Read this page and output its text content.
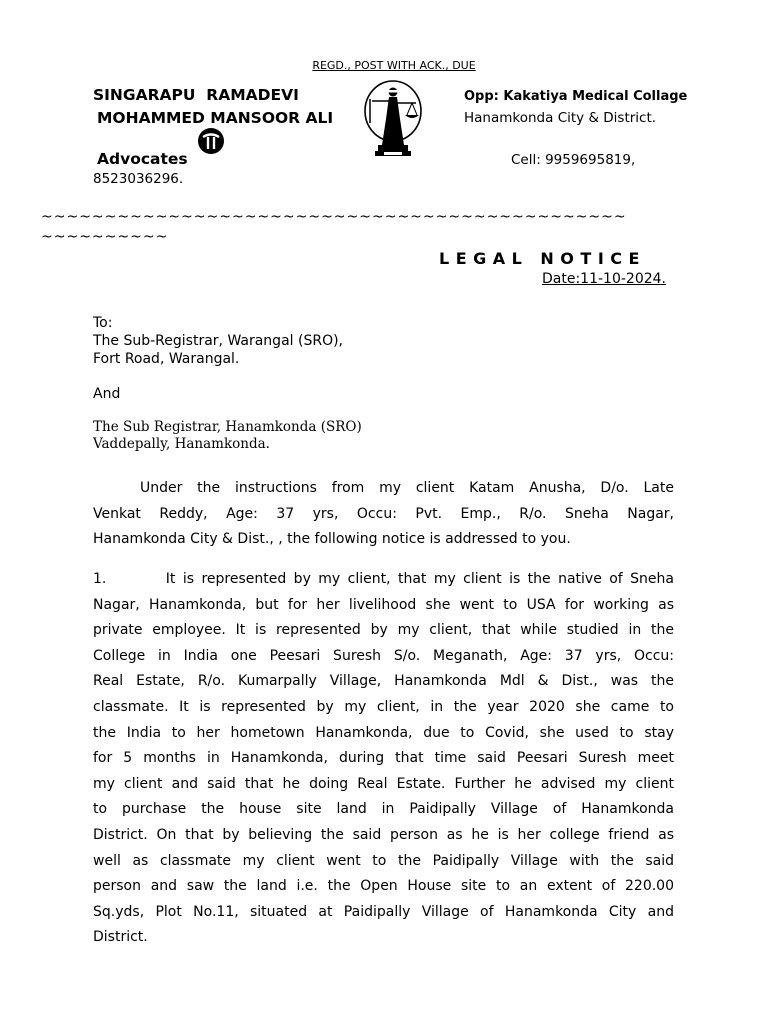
REGD., POST WITH ACK., DUE
SINGARAPU  RAMADEVI
MOHAMMED MANSOOR ALI
Advocates
8523036296.
Opp: Kakatiya Medical Collage
Hanamkonda City & District.
Cell: 9959695819,
~~~~~~~~~~~~~~~~~~~~~~~~~~~~~~~~~~~~~~~~~~~~~~
~~~~~~~~~~
LEGAL NOTICE
Date:11-10-2024.
To:
The Sub-Registrar, Warangal (SRO),
Fort Road, Warangal.
And
The Sub Registrar, Hanamkonda (SRO)
Vaddepally, Hanamkonda.
Under the instructions from my client Katam Anusha, D/o. Late
Venkat Reddy, Age: 37 yrs, Occu: Pvt. Emp., R/o. Sneha Nagar,
Hanamkonda City & Dist., , the following notice is addressed to you.
1.        It is represented by my client, that my client is the native of Sneha
Nagar, Hanamkonda, but for her livelihood she went to USA for working as
private employee. It is represented by my client, that while studied in the
College in India one Peesari Suresh S/o. Meganath, Age: 37 yrs, Occu:
Real Estate, R/o. Kumarpally Village, Hanamkonda Mdl & Dist., was the
classmate. It is represented by my client, in the year 2020 she came to
the India to her hometown Hanamkonda, due to Covid, she used to stay
for 5 months in Hanamkonda, during that time said Peesari Suresh meet
my client and said that he doing Real Estate. Further he advised my client
to purchase the house site land in Paidipally Village of Hanamkonda
District. On that by believing the said person as he is her college friend as
well as classmate my client went to the Paidipally Village with the said
person and saw the land i.e. the Open House site to an extent of 220.00
Sq.yds, Plot No.11, situated at Paidipally Village of Hanamkonda City and
District.
